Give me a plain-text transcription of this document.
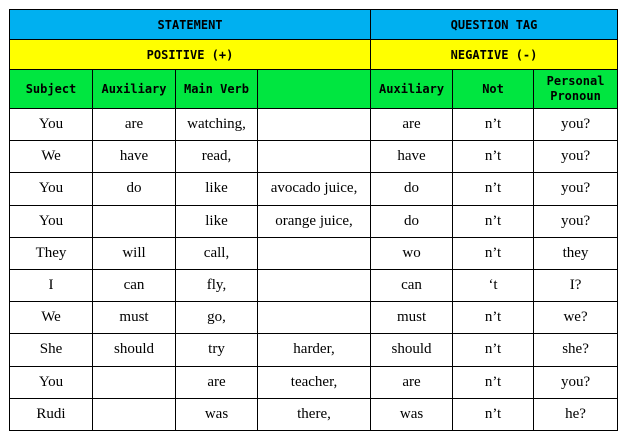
STATEMENT				QUESTION TAG		
POSITIVE (+)				NEGATIVE (-)		
Subject	Auxiliary	Main Verb		Auxiliary	Not	Personal Pronoun
You	are	watching,		are	n’t	you?
We	have	read,		have	n’t	you?
You	do	like	avocado juice,	do	n’t	you?
You		like	orange juice,	do	n’t	you?
They	will	call,		wo	n’t	they
I	can	fly,		can	‘t	I?
We	must	go,		must	n’t	we?
She	should	try	harder,	should	n’t	she?
You		are	teacher,	are	n’t	you?
Rudi		was	there,	was	n’t	he?
